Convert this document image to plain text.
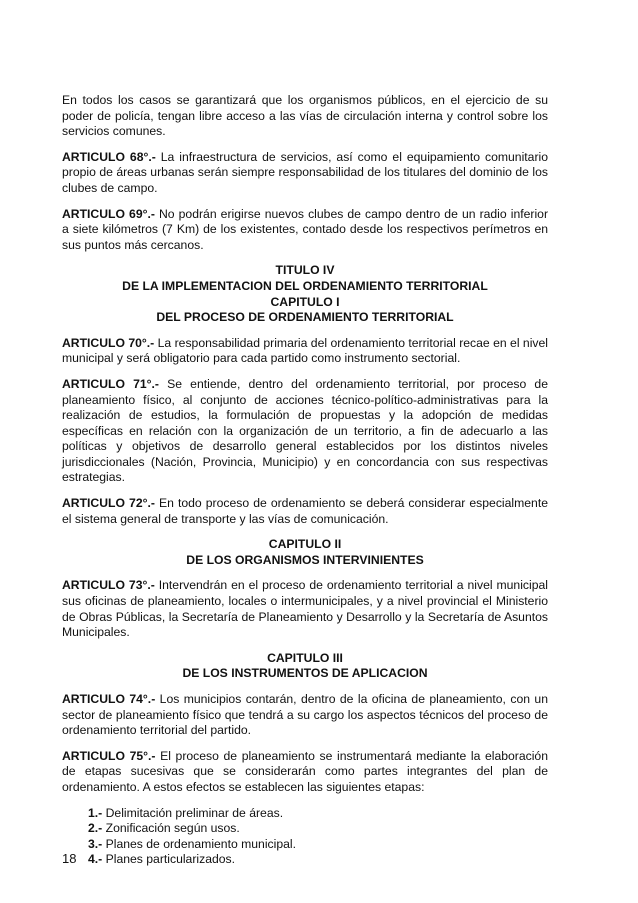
En todos los casos se garantizará que los organismos públicos, en el ejercicio de su poder de policía, tengan libre acceso a las vías de circulación interna y control sobre los servicios comunes.

ARTICULO 68°.- La infraestructura de servicios, así como el equipamiento comunitario propio de áreas urbanas serán siempre responsabilidad de los titulares del dominio de los clubes de campo.

ARTICULO 69°.- No podrán erigirse nuevos clubes de campo dentro de un radio inferior a siete kilómetros (7 Km) de los existentes, contado desde los respectivos perímetros en sus puntos más cercanos.

TITULO IV

DE LA IMPLEMENTACION DEL ORDENAMIENTO TERRITORIAL

CAPITULO I

DEL PROCESO DE ORDENAMIENTO TERRITORIAL

ARTICULO 70°.- La responsabilidad primaria del ordenamiento territorial recae en el nivel municipal y será obligatorio para cada partido como instrumento sectorial.

ARTICULO 71°.- Se entiende, dentro del ordenamiento territorial, por proceso de planeamiento físico, al conjunto de acciones técnico-político-administrativas para la realización de estudios, la formulación de propuestas y la adopción de medidas específicas en relación con la organización de un territorio, a fin de adecuarlo a las políticas y objetivos de desarrollo general establecidos por los distintos niveles jurisdiccionales (Nación, Provincia, Municipio) y en concordancia con sus respectivas estrategias.

ARTICULO 72°.- En todo proceso de ordenamiento se deberá considerar especialmente el sistema general de transporte y las vías de comunicación.

CAPITULO II

DE LOS ORGANISMOS INTERVINIENTES

ARTICULO 73°.- Intervendrán en el proceso de ordenamiento territorial a nivel municipal sus oficinas de planeamiento, locales o intermunicipales, y a nivel provincial el Ministerio de Obras Públicas, la Secretaría de Planeamiento y Desarrollo y la Secretaría de Asuntos Municipales.

CAPITULO III

DE LOS INSTRUMENTOS DE APLICACION

ARTICULO 74°.- Los municipios contarán, dentro de la oficina de planeamiento, con un sector de planeamiento físico que tendrá a su cargo los aspectos técnicos del proceso de ordenamiento territorial del partido.

ARTICULO 75°.- El proceso de planeamiento se instrumentará mediante la elaboración de etapas sucesivas que se considerarán como partes integrantes del plan de ordenamiento. A estos efectos se establecen las siguientes etapas:

1.- Delimitación preliminar de áreas.
2.- Zonificación según usos.
3.- Planes de ordenamiento municipal.
4.- Planes particularizados.
18
